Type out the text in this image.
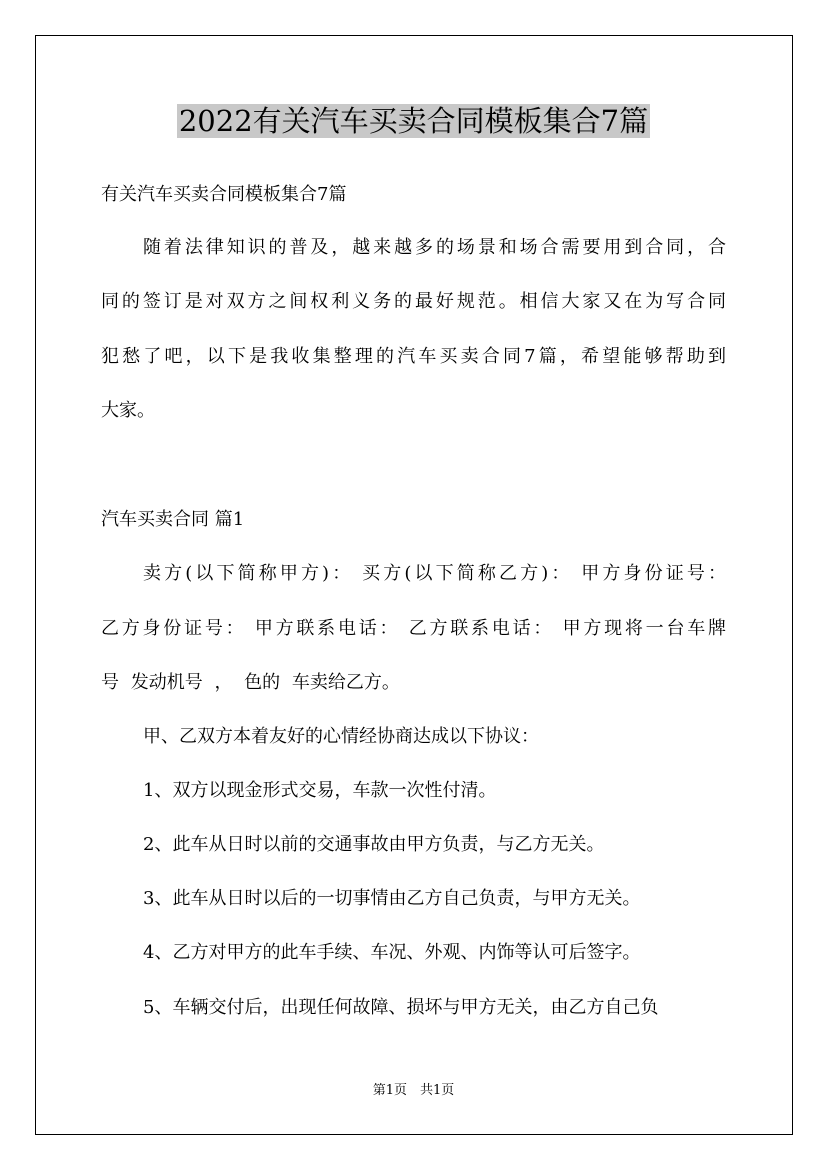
2022有关汽车买卖合同模板集合7篇

有关汽车买卖合同模板集合7篇

随着法律知识的普及，越来越多的场景和场合需要用到合同，合

同的签订是对双方之间权利义务的最好规范。相信大家又在为写合同

犯愁了吧，以下是我收集整理的汽车买卖合同7篇，希望能够帮助到

大家。

汽车买卖合同 篇1

卖方(以下简称甲方)： 买方(以下简称乙方)： 甲方身份证号：

乙方身份证号： 甲方联系电话： 乙方联系电话： 甲方现将一台车牌

号 发动机号 ， 色的 车卖给乙方。

甲、乙双方本着友好的心情经协商达成以下协议：

1、双方以现金形式交易，车款一次性付清。

2、此车从日时以前的交通事故由甲方负责，与乙方无关。

3、此车从日时以后的一切事情由乙方自己负责，与甲方无关。

4、乙方对甲方的此车手续、车况、外观、内饰等认可后签字。

5、车辆交付后，出现任何故障、损坏与甲方无关，由乙方自己负

第1页　共1页
